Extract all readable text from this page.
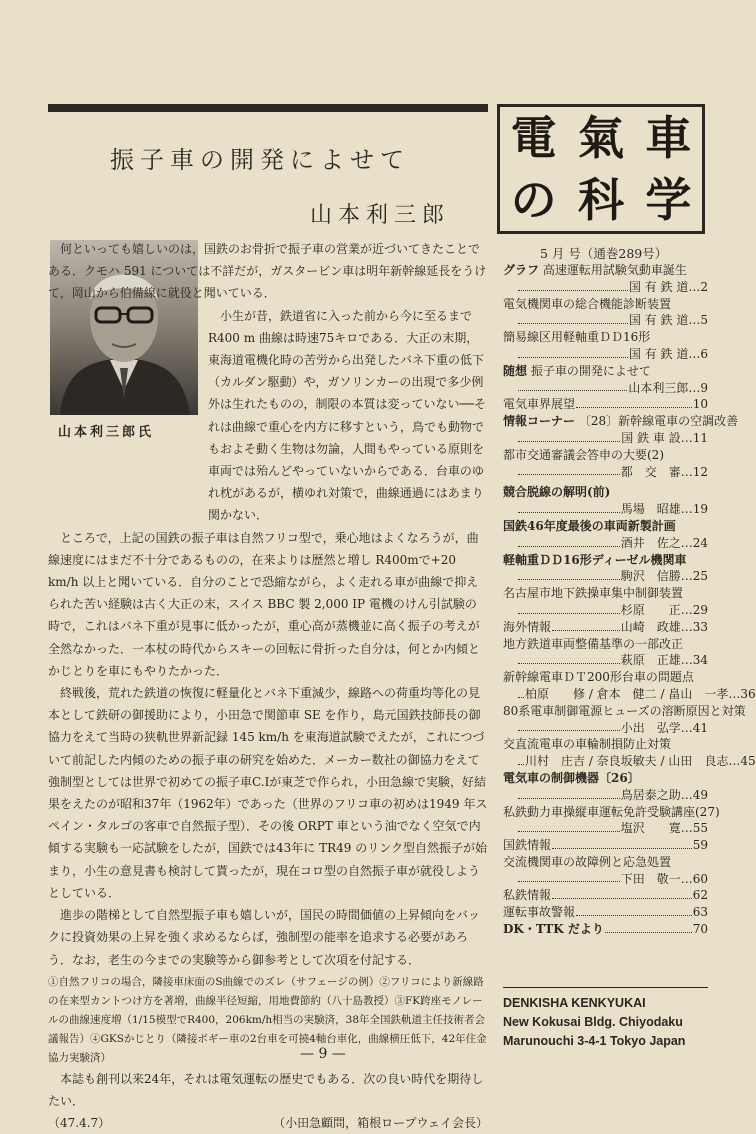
振子車の開発によせて
山本利三郎
山本利三郎氏

何といっても嬉しいのは，国鉄のお骨折で振子車の営業が近づいてきたことである．クモハ 591 については不詳だが，ガスタービン車は明年新幹線延長をうけて，岡山から伯備線に就役と聞いている．

小生が昔，鉄道省に入った前から今に至るまで R400 m 曲線は時速75キロである．大正の末期，東海道電機化時の苦労から出発したバネ下重の低下（カルダン駆動）や，ガソリンカーの出現で多少例外は生れたものの，制限の本質は変っていない──それは曲線で重心を内方に移すという，鳥でも動物でもおよそ動く生物は勿論，人間もやっている原則を車両では殆んどやっていないからである．台車のゆれ枕があるが，横ゆれ対策で，曲線通過にはあまり関かない．

ところで，上記の国鉄の振子車は自然フリコ型で，乗心地はよくなろうが，曲線速度にはまだ不十分であるものの，在来よりは歴然と増し R400mで+20 km/h 以上と聞いている．自分のことで恐縮ながら，よく走れる車が曲線で抑えられた苦い経験は古く大正の末，スイス BBC 製 2,000 IP 電機のけん引試験の時で，これはバネ下重が見事に低かったが，重心高が蒸機並に高く振子の考えが全然なかった．一本杖の時代からスキーの回転に骨折った自分は，何とか内傾とかじとりを車にもやりたかった．

終戦後，荒れた鉄道の恢復に軽量化とバネ下重減少，線路への荷重均等化の見本として鉄研の御援助により，小田急で関節車 SE を作り，島元国鉄技師長の御協力をえて当時の狭軌世界新記録 145 km/h を東海道試験でえたが，これにつづいて前記した内傾のための振子車の研究を始めた．メーカー数社の御協力をえて強制型としては世界で初めての振子車C.Iが東芝で作られ，小田急線で実験，好結果をえたのが昭和37年（1962年）であった（世界のフリコ車の初めは1949 年スペイン・タルゴの客車で自然振子型）．その後 ORPT 車という油でなく空気で内傾する実験も一応試験をしたが，国鉄では43年に TR49 のリンク型自然振子が始まり，小生の意見書も検討して貰ったが，現在コロ型の自然振子車が就役しようとしている．

進歩の階梯として自然型振子車も嬉しいが，国民の時間価値の上昇傾向をバックに投資効果の上昇を強く求めるならば，強制型の能率を追求する必要があろう．なお，老生の今までの実験等から御参考として次項を付記する．

①自然フリコの場合，隣接車床面のS曲線でのズレ（サフェージの例）②フリコにより新線路の在来型カントつけ方を著増，曲線半径短縮，用地費節約（八十島教授）③FK跨座モノレールの曲線速度増（1/15模型でR400，206km/h相当の実験済，38年全国鉄軌道主任技術者会議報告）④GKSかじとり（隣接ボギー車の2台車を可撓4軸台車化，曲線横圧低下，42年住金協力実験済）

本誌も創刊以来24年，それは電気運転の歴史でもある．次の良い時代を期待したい．

（47.4.7）	（小田急顧問，箱根ロープウェイ会長）
— 9 —
電 氣 車
の 科 学
5 月 号（通巻289号）
グラフ
高速運転用試験気動車誕生
国 有 鉄 道 … 2
電気機関車の総合機能診断装置
国 有 鉄 道 … 5
簡易線区用軽軸重ＤＤ16形
国 有 鉄 道 … 6
随想
振子車の開発によせて
山本利三郎 … 9
電気車界展望	10
情報コーナー
〔28〕新幹線電車の空調改善
国 鉄 車 設 … 11
都市交通審議会答申の大要(2)
都　交　審 … 12
競合脱線の解明(前)
馬場　昭雄 … 19
国鉄46年度最後の車両新製計画
酒井　佐之 … 24
軽軸重ＤＤ16形ディーゼル機関車
駒沢　信勝 … 25
名古屋市地下鉄操車集中制御装置
杉原　　正 … 29
海外情報	山崎　政雄 … 33
地方鉄道車両整備基準の一部改正
萩原　正雄 … 34
新幹線電車ＤＴ200形台車の問題点
柏原　　修 / 倉本　健二 / 畠山　一孝 … 36
80系電車制御電源ヒューズの溶断原因と対策
小出　弘学 … 41
交直流電車の車輪制損防止対策
川村　庄吉 / 奈良坂敏夫 / 山田　良志 … 45
電気車の制御機器〔26〕
鳥居泰之助 … 49
私鉄動力車操縦車運転免許受験講座(27)
塩沢　　寛 … 55
国鉄情報	59
交流機関車の故障例と応急処置
下田　敬一 … 60
私鉄情報	62
運転事故警報	63
DK・TTK だより	70
DENKISHA KENKYUKAI
New Kokusai Bldg. Chiyodaku
Marunouchi 3-4-1 Tokyo Japan
